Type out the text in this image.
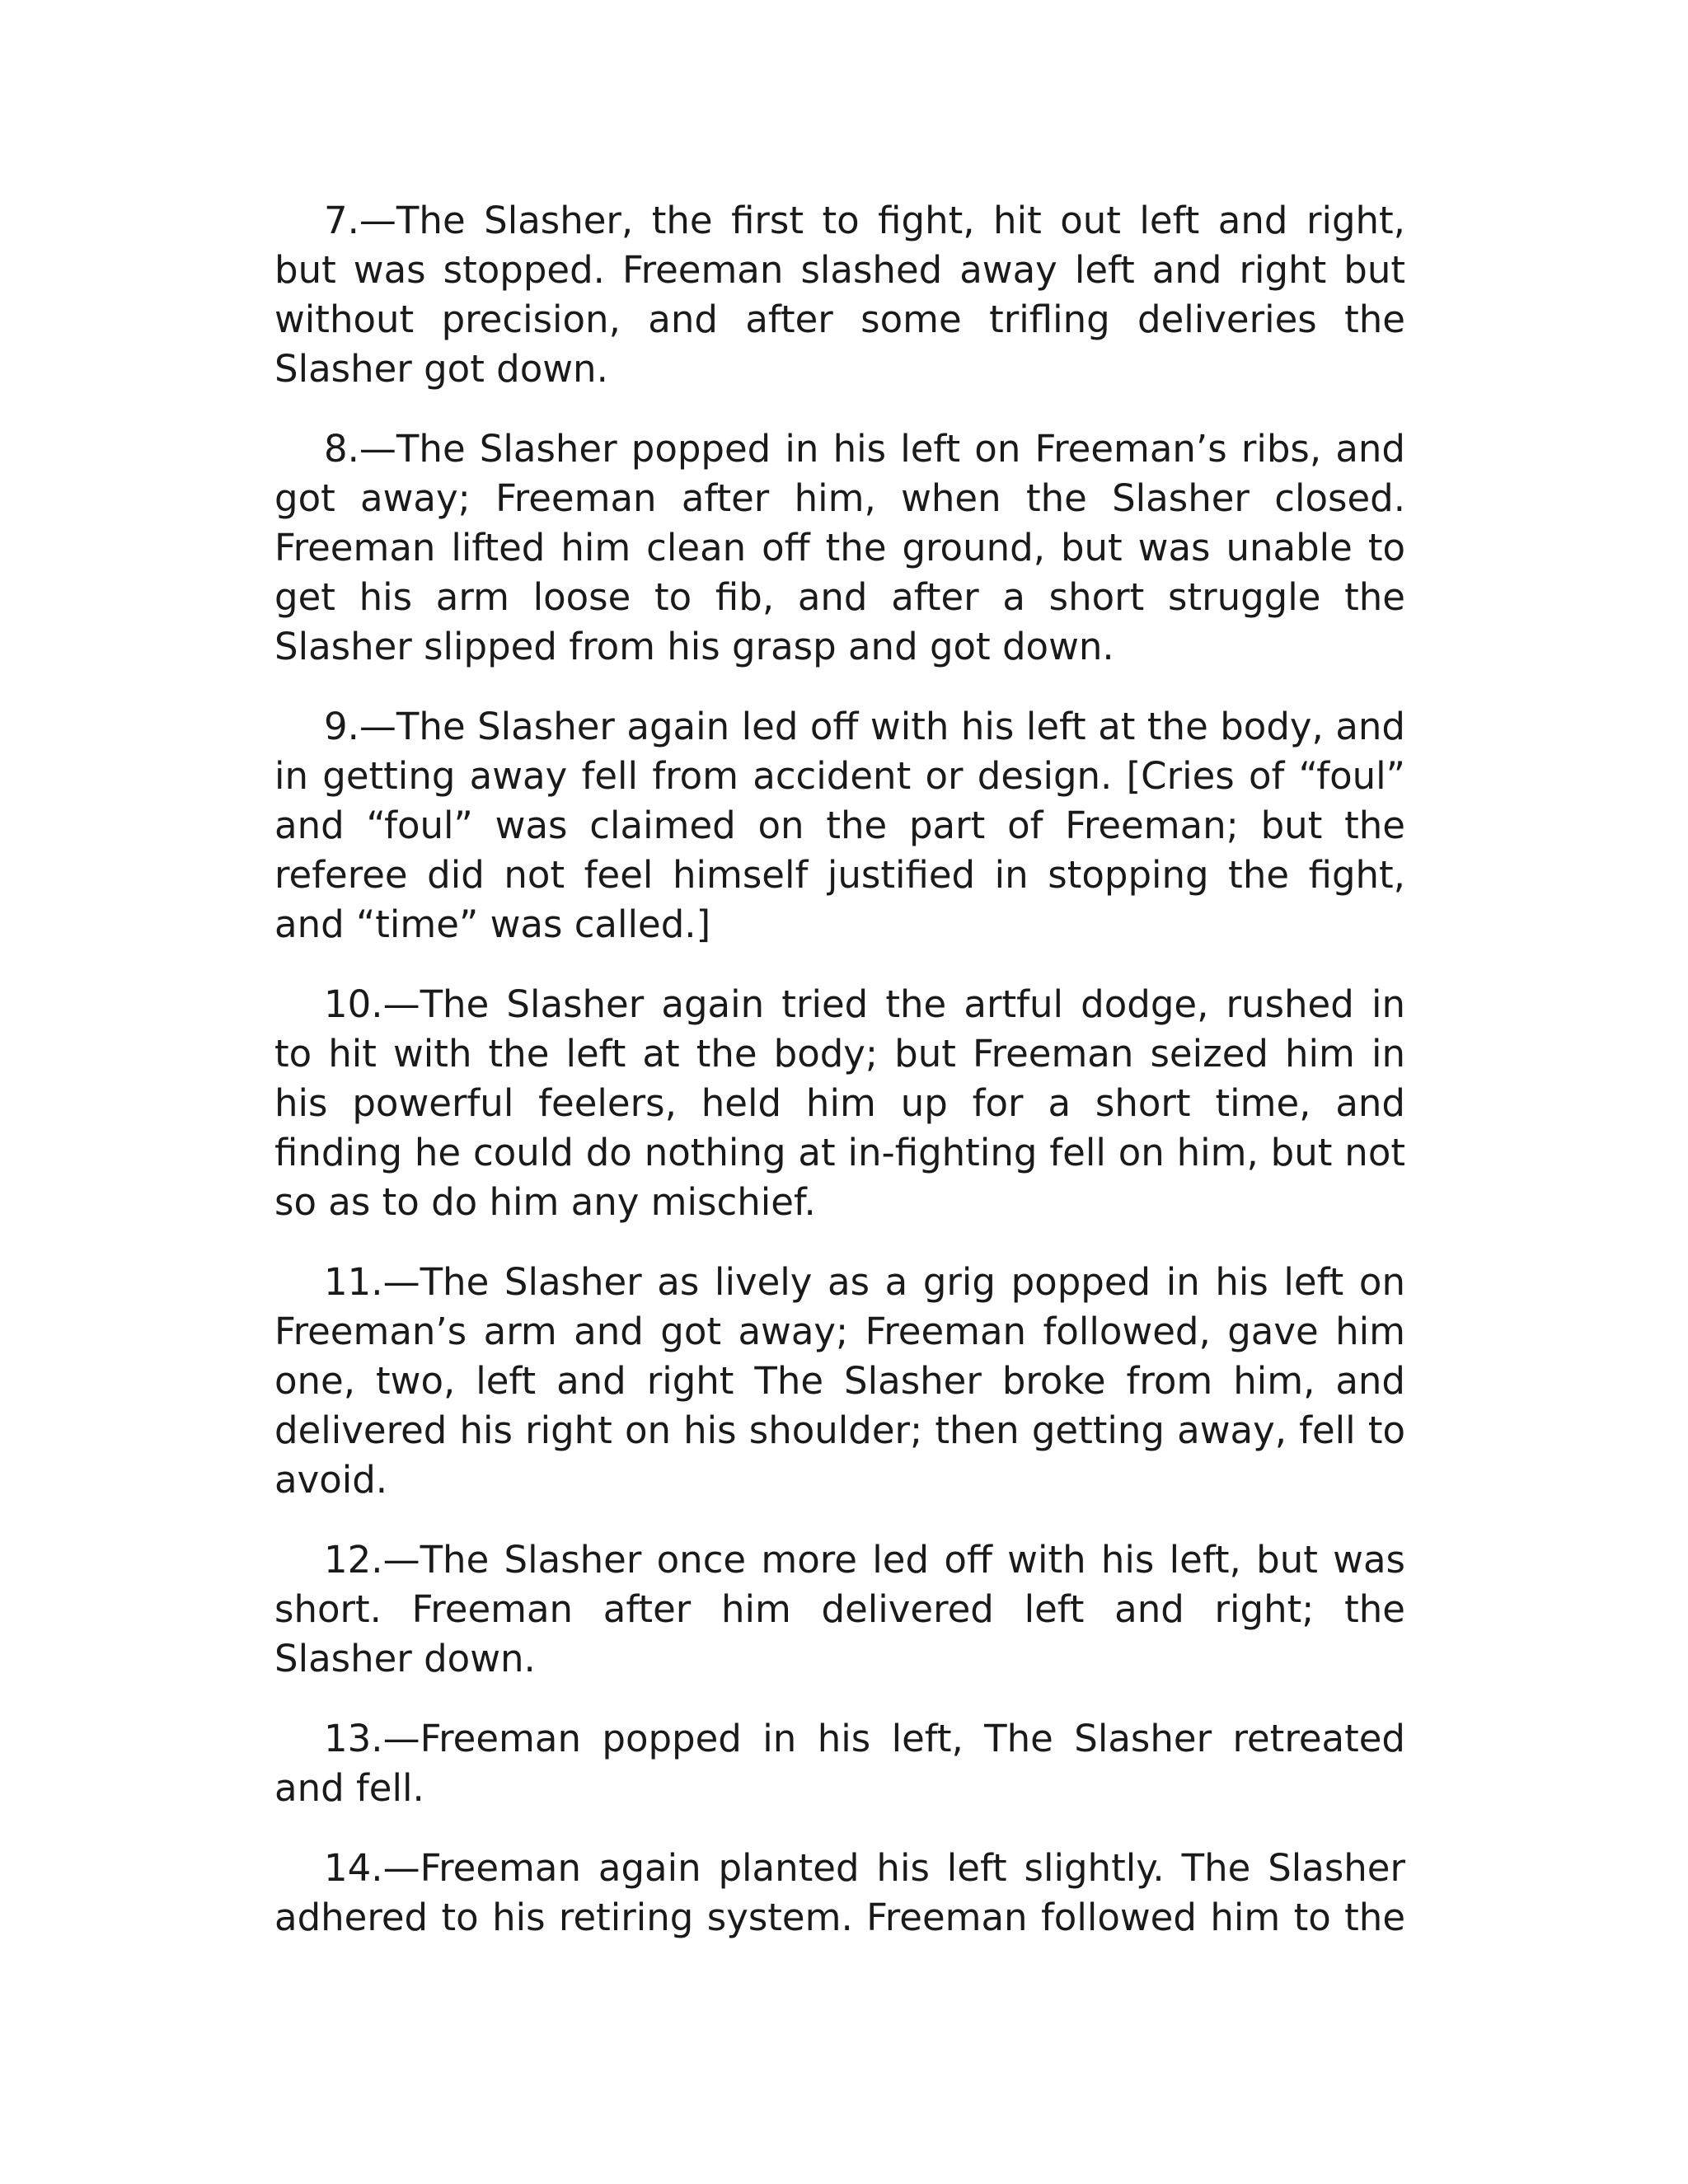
7.—The Slasher, the first to fight, hit out left and right, but was stopped. Freeman slashed away left and right but without precision, and after some trifling deliveries the Slasher got down.

8.—The Slasher popped in his left on Freeman’s ribs, and got away; Freeman after him, when the Slasher closed. Freeman lifted him clean off the ground, but was unable to get his arm loose to fib, and after a short struggle the Slasher slipped from his grasp and got down.

9.—The Slasher again led off with his left at the body, and in getting away fell from accident or design. [Cries of “foul” and “foul” was claimed on the part of Freeman; but the referee did not feel himself justified in stopping the fight, and “time” was called.]

10.—The Slasher again tried the artful dodge, rushed in to hit with the left at the body; but Freeman seized him in his powerful feelers, held him up for a short time, and finding he could do nothing at in-fighting fell on him, but not so as to do him any mischief.

11.—The Slasher as lively as a grig popped in his left on Freeman’s arm and got away; Freeman followed, gave him one, two, left and right The Slasher broke from him, and delivered his right on his shoulder; then getting away, fell to avoid.

12.—The Slasher once more led off with his left, but was short. Freeman after him delivered left and right; the Slasher down.

13.—Freeman popped in his left, The Slasher retreated and fell.

14.—Freeman again planted his left slightly. The Slasher adhered to his retiring system. Freeman followed him to the
